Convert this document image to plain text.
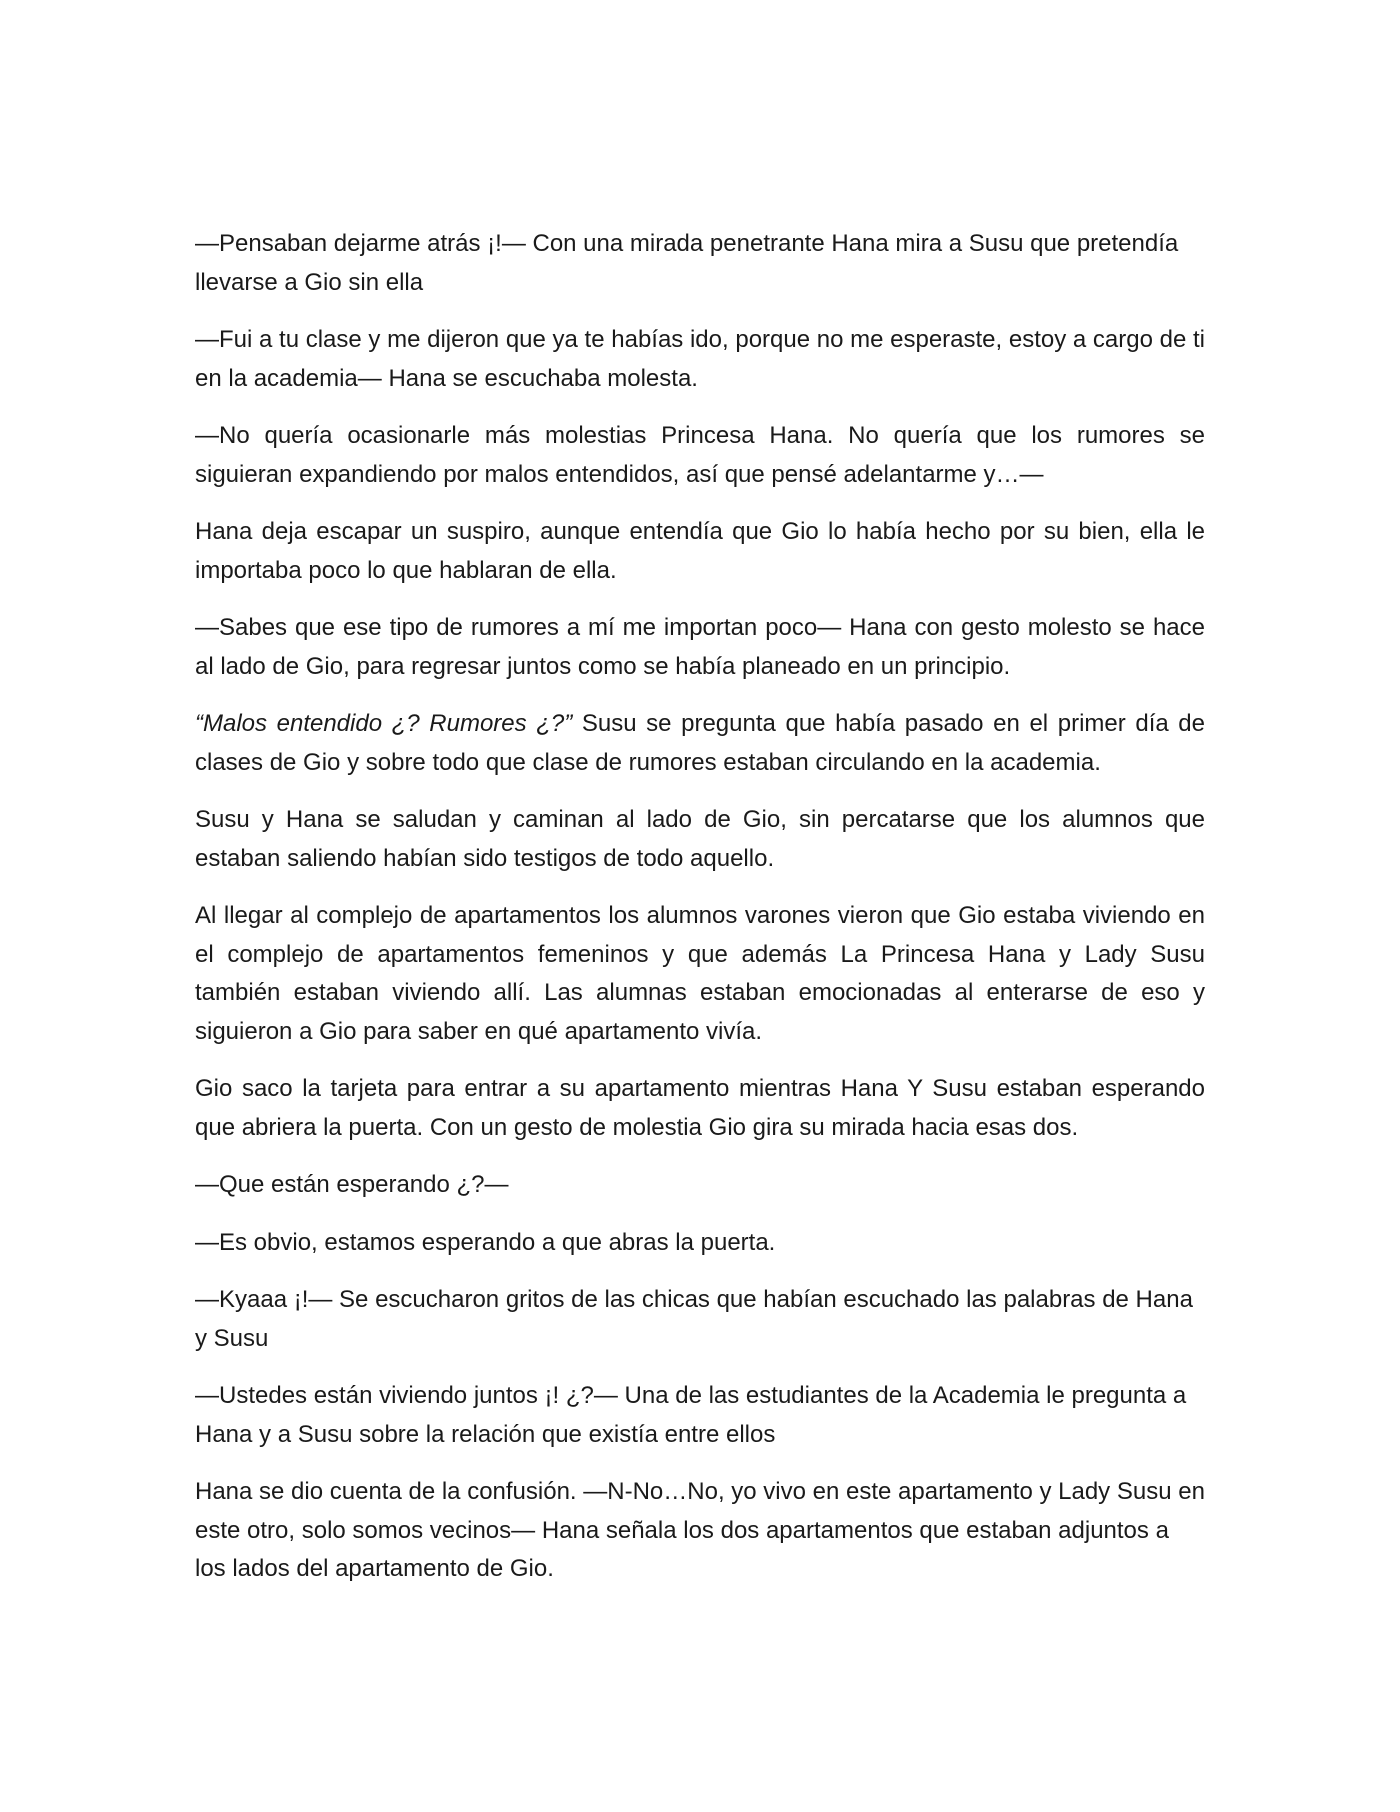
—Pensaban dejarme atrás ¡!— Con una mirada penetrante Hana mira a Susu que pretendía llevarse a Gio sin ella

—Fui a tu clase y me dijeron que ya te habías ido, porque no me esperaste, estoy a cargo de ti en la academia— Hana se escuchaba molesta.

—No quería ocasionarle más molestias Princesa Hana. No quería que los rumores se siguieran expandiendo por malos entendidos, así que pensé adelantarme y…—

Hana deja escapar un suspiro, aunque entendía que Gio lo había hecho por su bien, ella le importaba poco lo que hablaran de ella.

—Sabes que ese tipo de rumores a mí me importan poco— Hana con gesto molesto se hace al lado de Gio, para regresar juntos como se había planeado en un principio.

“Malos entendido ¿? Rumores ¿?” Susu se pregunta que había pasado en el primer día de clases de Gio y sobre todo que clase de rumores estaban circulando en la academia.

Susu y Hana se saludan y caminan al lado de Gio, sin percatarse que los alumnos que estaban saliendo habían sido testigos de todo aquello.

Al llegar al complejo de apartamentos los alumnos varones vieron que Gio estaba viviendo en el complejo de apartamentos femeninos y que además La Princesa Hana y Lady Susu también estaban viviendo allí. Las alumnas estaban emocionadas al enterarse de eso y siguieron a Gio para saber en qué apartamento vivía.

Gio saco la tarjeta para entrar a su apartamento mientras Hana Y Susu estaban esperando que abriera la puerta. Con un gesto de molestia Gio gira su mirada hacia esas dos.

—Que están esperando ¿?—

—Es obvio, estamos esperando a que abras la puerta.

—Kyaaa ¡!— Se escucharon gritos de las chicas que habían escuchado las palabras de Hana y Susu

—Ustedes están viviendo juntos ¡! ¿?— Una de las estudiantes de la Academia le pregunta a Hana y a Susu sobre la relación que existía entre ellos

Hana se dio cuenta de la confusión. —N-No…No, yo vivo en este apartamento y Lady Susu en este otro, solo somos vecinos— Hana señala los dos apartamentos que estaban adjuntos a los lados del apartamento de Gio.
